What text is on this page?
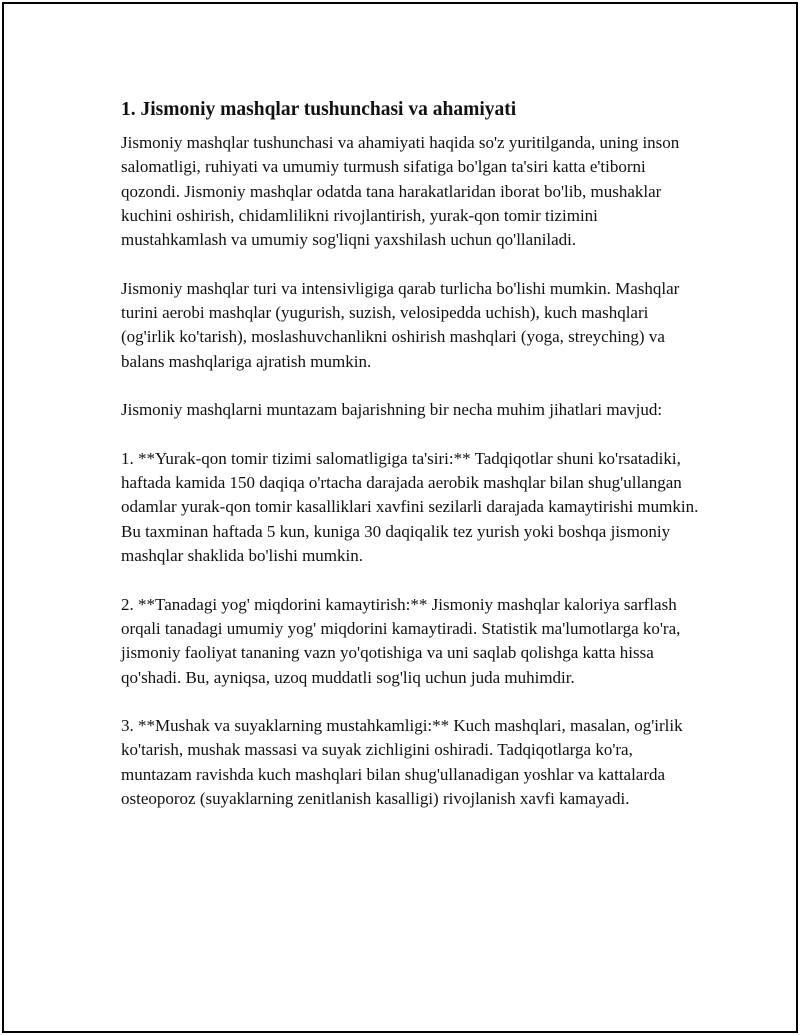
1. Jismoniy mashqlar tushunchasi va ahamiyati

Jismoniy mashqlar tushunchasi va ahamiyati haqida so'z yuritilganda, uning inson salomatligi, ruhiyati va umumiy turmush sifatiga bo'lgan ta'siri katta e'tiborni qozondi. Jismoniy mashqlar odatda tana harakatlaridan iborat bo'lib, mushaklar kuchini oshirish, chidamlilikni rivojlantirish, yurak-qon tomir tizimini mustahkamlash va umumiy sog'liqni yaxshilash uchun qo'llaniladi.

Jismoniy mashqlar turi va intensivligiga qarab turlicha bo'lishi mumkin. Mashqlar turini aerobi mashqlar (yugurish, suzish, velosipedda uchish), kuch mashqlari (og'irlik ko'tarish), moslashuvchanlikni oshirish mashqlari (yoga, streyching) va balans mashqlariga ajratish mumkin.

Jismoniy mashqlarni muntazam bajarishning bir necha muhim jihatlari mavjud:

1. **Yurak-qon tomir tizimi salomatligiga ta'siri:** Tadqiqotlar shuni ko'rsatadiki, haftada kamida 150 daqiqa o'rtacha darajada aerobik mashqlar bilan shug'ullangan odamlar yurak-qon tomir kasalliklari xavfini sezilarli darajada kamaytirishi mumkin. Bu taxminan haftada 5 kun, kuniga 30 daqiqalik tez yurish yoki boshqa jismoniy mashqlar shaklida bo'lishi mumkin.

2. **Tanadagi yog' miqdorini kamaytirish:** Jismoniy mashqlar kaloriya sarflash orqali tanadagi umumiy yog' miqdorini kamaytiradi. Statistik ma'lumotlarga ko'ra, jismoniy faoliyat tananing vazn yo'qotishiga va uni saqlab qolishga katta hissa qo'shadi. Bu, ayniqsa, uzoq muddatli sog'liq uchun juda muhimdir.

3. **Mushak va suyaklarning mustahkamligi:** Kuch mashqlari, masalan, og'irlik ko'tarish, mushak massasi va suyak zichligini oshiradi. Tadqiqotlarga ko'ra, muntazam ravishda kuch mashqlari bilan shug'ullanadigan yoshlar va kattalarda osteoporoz (suyaklarning zenitlanish kasalligi) rivojlanish xavfi kamayadi.
